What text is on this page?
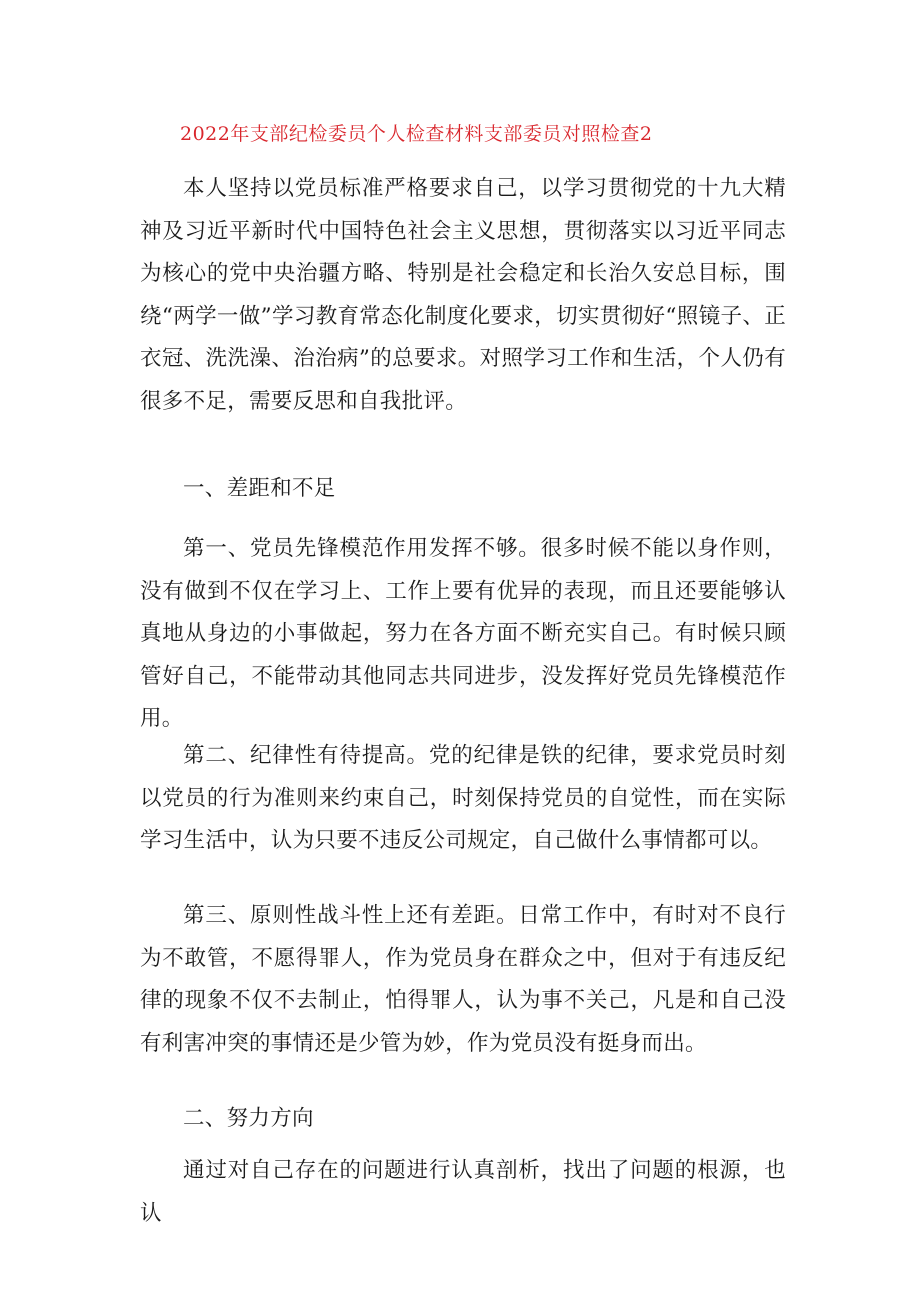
2022年支部纪检委员个人检查材料支部委员对照检查2
本人坚持以党员标准严格要求自己，以学习贯彻党的十九大精神及习近平新时代中国特色社会主义思想，贯彻落实以习近平同志为核心的党中央治疆方略、特别是社会稳定和长治久安总目标，围绕“两学一做”学习教育常态化制度化要求，切实贯彻好“照镜子、正衣冠、洗洗澡、治治病”的总要求。对照学习工作和生活，个人仍有很多不足，需要反思和自我批评。
一、差距和不足
第一、党员先锋模范作用发挥不够。很多时候不能以身作则，没有做到不仅在学习上、工作上要有优异的表现，而且还要能够认真地从身边的小事做起，努力在各方面不断充实自己。有时候只顾管好自己，不能带动其他同志共同进步，没发挥好党员先锋模范作用。
第二、纪律性有待提高。党的纪律是铁的纪律，要求党员时刻以党员的行为准则来约束自己，时刻保持党员的自觉性，而在实际学习生活中，认为只要不违反公司规定，自己做什么事情都可以。
第三、原则性战斗性上还有差距。日常工作中，有时对不良行为不敢管，不愿得罪人，作为党员身在群众之中，但对于有违反纪律的现象不仅不去制止，怕得罪人，认为事不关己，凡是和自己没有利害冲突的事情还是少管为妙，作为党员没有挺身而出。
二、努力方向
通过对自己存在的问题进行认真剖析，找出了问题的根源，也认
